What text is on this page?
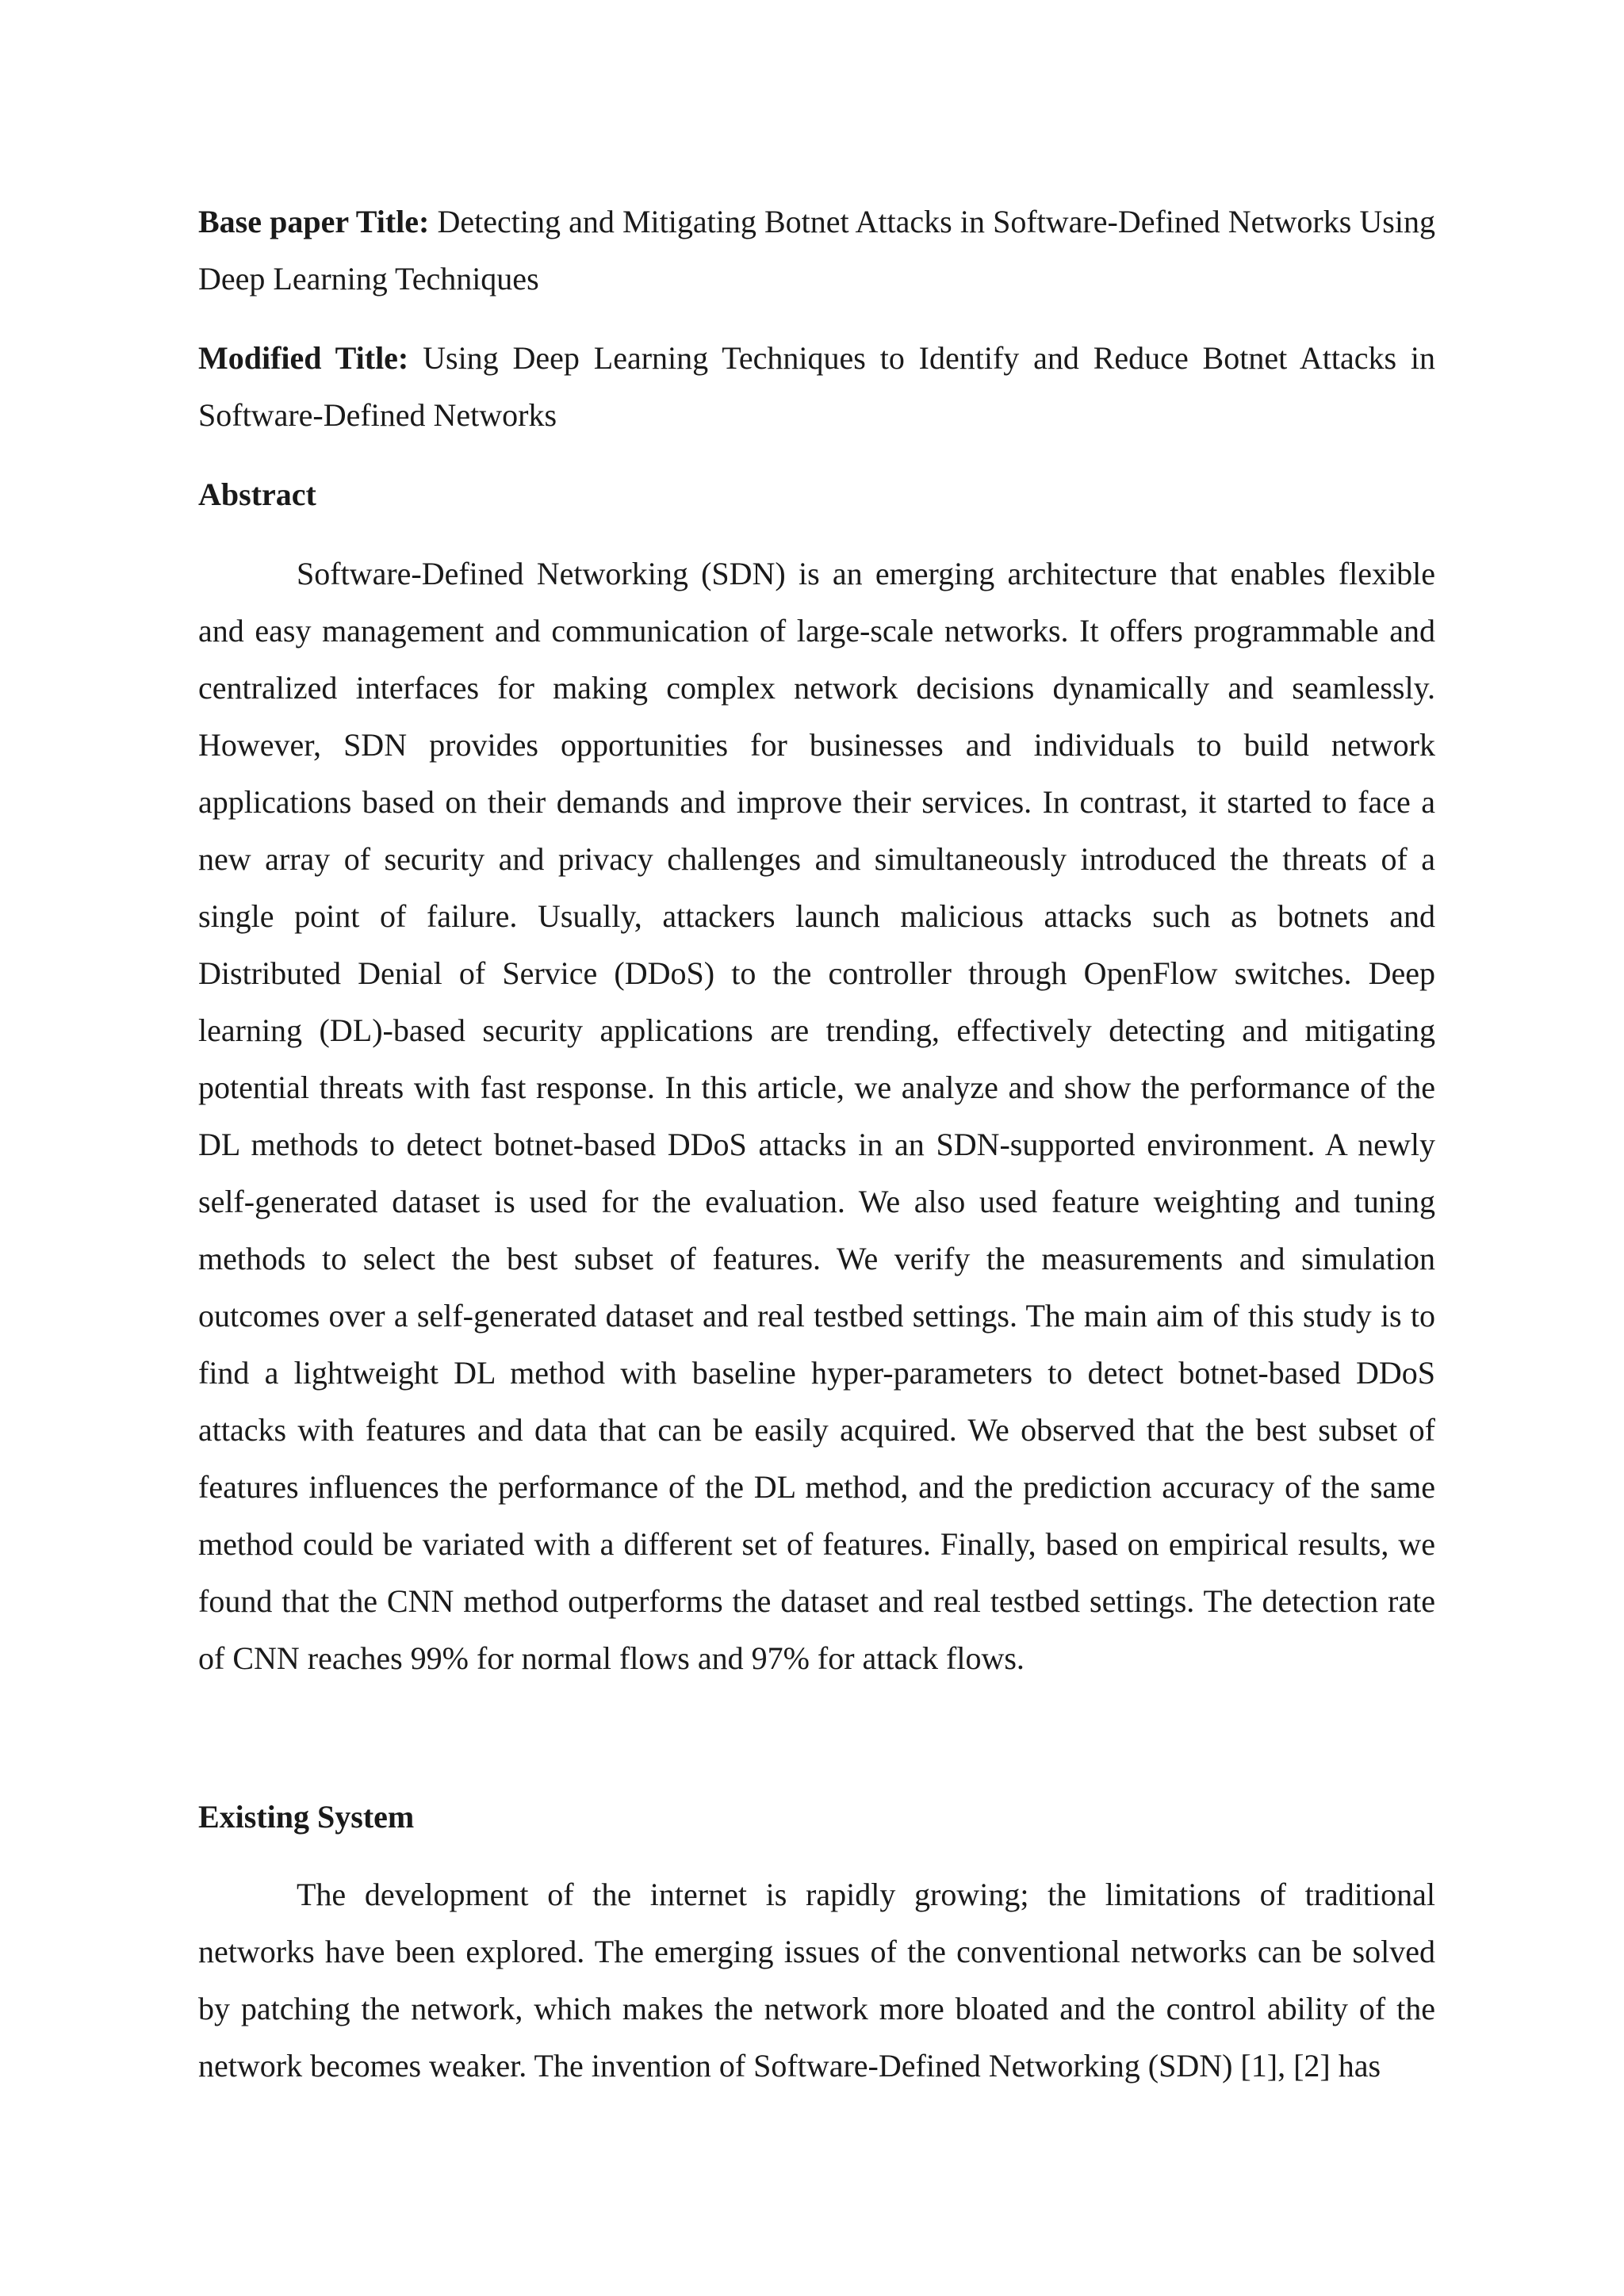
Base paper Title: Detecting and Mitigating Botnet Attacks in Software-Defined Networks Using Deep Learning Techniques

Modified Title: Using Deep Learning Techniques to Identify and Reduce Botnet Attacks in Software-Defined Networks

Abstract

Software-Defined Networking (SDN) is an emerging architecture that enables flexible and easy management and communication of large-scale networks. It offers programmable and centralized interfaces for making complex network decisions dynamically and seamlessly. However, SDN provides opportunities for businesses and individuals to build network applications based on their demands and improve their services. In contrast, it started to face a new array of security and privacy challenges and simultaneously introduced the threats of a single point of failure. Usually, attackers launch malicious attacks such as botnets and Distributed Denial of Service (DDoS) to the controller through OpenFlow switches. Deep learning (DL)-based security applications are trending, effectively detecting and mitigating potential threats with fast response. In this article, we analyze and show the performance of the DL methods to detect botnet-based DDoS attacks in an SDN-supported environment. A newly self-generated dataset is used for the evaluation. We also used feature weighting and tuning methods to select the best subset of features. We verify the measurements and simulation outcomes over a self-generated dataset and real testbed settings. The main aim of this study is to find a lightweight DL method with baseline hyper-parameters to detect botnet-based DDoS attacks with features and data that can be easily acquired. We observed that the best subset of features influences the performance of the DL method, and the prediction accuracy of the same method could be variated with a different set of features. Finally, based on empirical results, we found that the CNN method outperforms the dataset and real testbed settings. The detection rate of CNN reaches 99% for normal flows and 97% for attack flows.

Existing System

The development of the internet is rapidly growing; the limitations of traditional networks have been explored. The emerging issues of the conventional networks can be solved by patching the network, which makes the network more bloated and the control ability of the network becomes weaker. The invention of Software-Defined Networking (SDN) [1], [2] has
